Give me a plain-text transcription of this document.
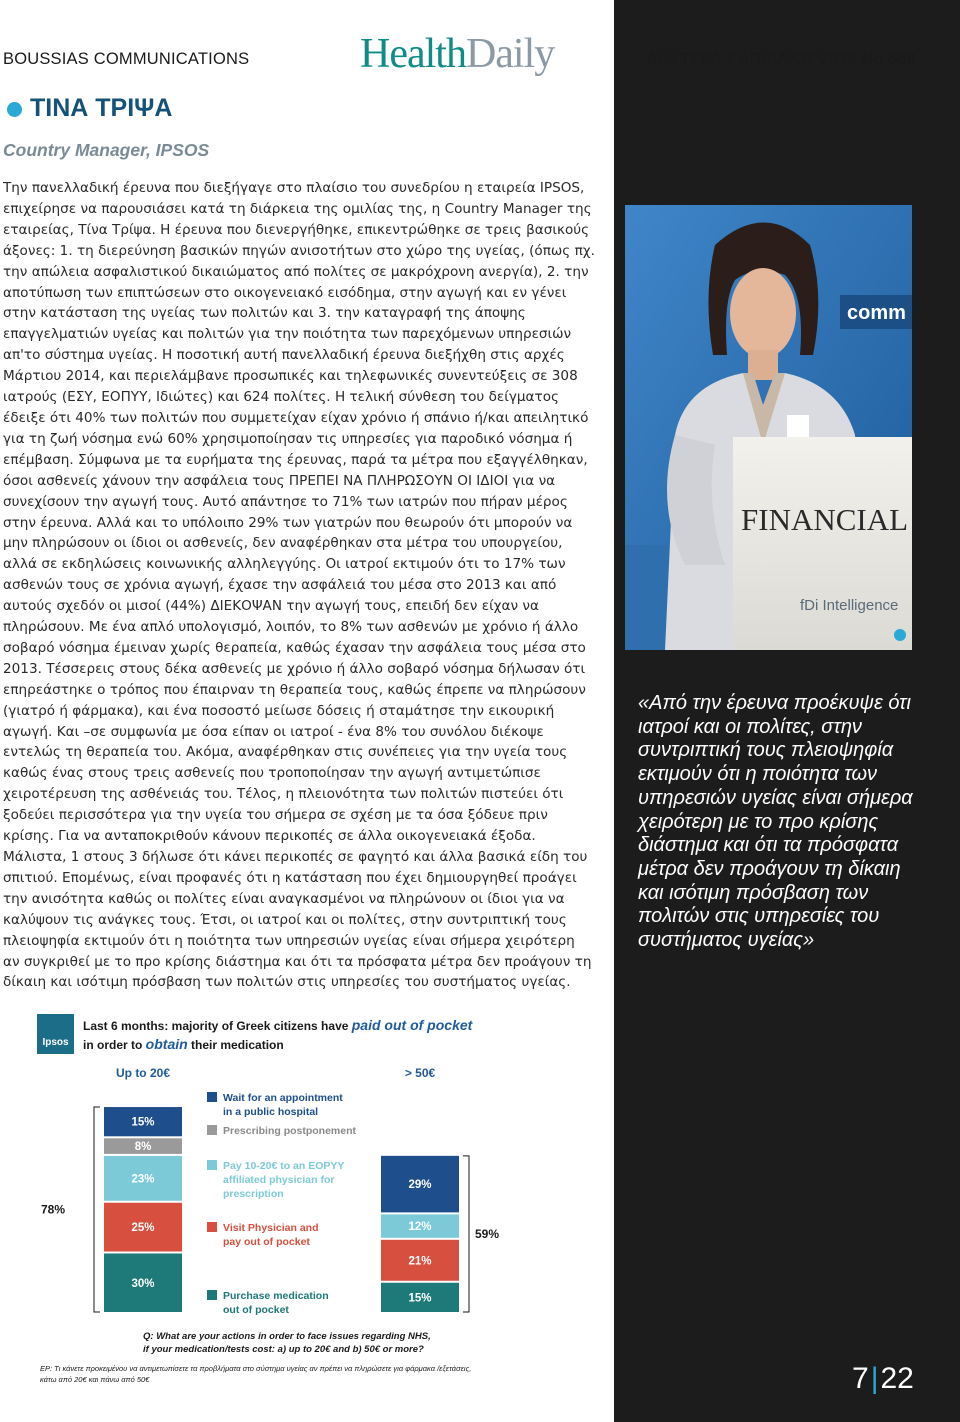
BOUSSIAS COMMUNICATIONS	HealthDaily	ΔΕΥΤΕΡΑ 7 ΑΠΡΙΛΙΟΥ 2014 Νο 589
ΤΙΝΑ ΤΡΙΨΑ
Country Manager, IPSOS
Την πανελλαδική έρευνα που διεξήγαγε στο πλαίσιο του συνεδρίου η εταιρεία IPSOS, επιχείρησε να παρουσιάσει κατά τη διάρκεια της ομιλίας της, η Country Manager της εταιρείας, Τίνα Τρίψα. Η έρευνα που διενεργήθηκε, επικεντρώθηκε σε τρεις βασικούς άξονες: 1. τη διερεύνηση βασικών πηγών ανισοτήτων στο χώρο της υγείας, (όπως πχ. την απώλεια ασφαλιστικού δικαιώματος από πολίτες σε μακρόχρονη ανεργία), 2. την αποτύπωση των επιπτώσεων στο οικογενειακό εισόδημα, στην αγωγή και εν γένει στην κατάσταση της υγείας των πολιτών και 3. την καταγραφή της άποψης επαγγελματιών υγείας και πολιτών για την ποιότητα των παρεχόμενων υπηρεσιών απ'το σύστημα υγείας. Η ποσοτική αυτή πανελλαδική έρευνα διεξήχθη στις αρχές Μάρτιου 2014, και περιελάμβανε προσωπικές και τηλεφωνικές συνεντεύξεις σε 308 ιατρούς (ΕΣΥ, ΕΟΠΥΥ, Ιδιώτες) και 624 πολίτες. Η τελική σύνθεση του δείγματος έδειξε ότι 40% των πολιτών που συμμετείχαν είχαν χρόνιο ή σπάνιο ή/και απειλητικό για τη ζωή νόσημα ενώ 60% χρησιμοποίησαν τις υπηρεσίες για παροδικό νόσημα ή επέμβαση. Σύμφωνα με τα ευρήματα της έρευνας, παρά τα μέτρα που εξαγγέλθηκαν, όσοι ασθενείς χάνουν την ασφάλεια τους ΠΡΕΠΕΙ ΝΑ ΠΛΗΡΩΣΟΥΝ ΟΙ ΙΔΙΟΙ για να συνεχίσουν την αγωγή τους. Αυτό απάντησε το 71% των ιατρών που πήραν μέρος στην έρευνα. Αλλά και το υπόλοιπο 29% των γιατρών που θεωρούν ότι μπορούν να μην πληρώσουν οι ίδιοι οι ασθενείς, δεν αναφέρθηκαν στα μέτρα του υπουργείου, αλλά σε εκδηλώσεις κοινωνικής αλληλεγγύης. Οι ιατροί εκτιμούν ότι το 17% των ασθενών τους σε χρόνια αγωγή, έχασε την ασφάλειά του μέσα στο 2013 και από αυτούς σχεδόν οι μισοί (44%) ΔΙΕΚΟΨΑΝ την αγωγή τους, επειδή δεν είχαν να πληρώσουν. Με ένα απλό υπολογισμό, λοιπόν, το 8% των ασθενών με χρόνιο ή άλλο σοβαρό νόσημα έμειναν χωρίς θεραπεία, καθώς έχασαν την ασφάλεια τους μέσα στο 2013. Τέσσερεις στους δέκα ασθενείς με χρόνιο ή άλλο σοβαρό νόσημα δήλωσαν ότι επηρεάστηκε ο τρόπος που έπαιρναν τη θεραπεία τους, καθώς έπρεπε να πληρώσουν (γιατρό ή φάρμακα), και ένα ποσοστό μείωσε δόσεις ή σταμάτησε την εικουρική αγωγή. Και –σε συμφωνία με όσα είπαν οι ιατροί - ένα 8% του συνόλου διέκοψε εντελώς τη θεραπεία του. Ακόμα, αναφέρθηκαν στις συνέπειες για την υγεία τους καθώς ένας στους τρεις ασθενείς που τροποποίησαν την αγωγή αντιμετώπισε χειροτέρευση της ασθένειάς του. Τέλος, η πλειονότητα των πολιτών πιστεύει ότι ξοδεύει περισσότερα για την υγεία του σήμερα σε σχέση με τα όσα ξόδευε πριν κρίσης. Για να ανταποκριθούν κάνουν περικοπές σε άλλα οικογενειακά έξοδα. Μάλιστα, 1 στους 3 δήλωσε ότι κάνει περικοπές σε φαγητό και άλλα βασικά είδη του σπιτιού. Επομένως, είναι προφανές ότι η κατάσταση που έχει δημιουργηθεί προάγει την ανισότητα καθώς οι πολίτες είναι αναγκασμένοι να πληρώνουν οι ίδιοι για να καλύψουν τις ανάγκες τους. Έτσι, οι ιατροί και οι πολίτες, στην συντριπτική τους πλειοψηφία εκτιμούν ότι η ποιότητα των υπηρεσιών υγείας είναι σήμερα χειρότερη αν συγκριθεί με το προ κρίσης διάστημα και ότι τα πρόσφατα μέτρα δεν προάγουν τη δίκαιη και ισότιμη πρόσβαση των πολιτών στις υπηρεσίες του συστήματος υγείας.
comm
FINANCIAL
fDi Intelligence
«Από την έρευνα προέκυψε ότι ιατροί και οι πολίτες, στην συντριπτική τους πλειοψηφία εκτιμούν ότι η ποιότητα των υπηρεσιών υγείας είναι σήμερα χειρότερη με το προ κρίσης διάστημα και ότι τα πρόσφατα μέτρα δεν προάγουν τη δίκαιη και ισότιμη πρόσβαση των πολιτών στις υπηρεσίες του συστήματος υγείας»
Ipsos
Last 6 months: majority of Greek citizens have paid out of pocket
in order to obtain their medication
Wait for an appointment
in a public hospital
Prescribing postponement
Pay 10-20€ to an EOPYY
affiliated physician for
prescription
Visit Physician and
pay out of pocket
Purchase medication
out of pocket
Up to 20€
15%
8%
23%
25%
30%
78%
> 50€
29%
12%
21%
15%
59%
Q: What are your actions in order to face issues regarding NHS,
if your medication/tests cost: a) up to 20€ and b) 50€ or more?
ΕΡ: Τι κάνετε προκειμένου να αντιμετωπίσετε τα προβλήματα στο σύστημα υγείας αν πρέπει να πληρώσετε για φάρμακα /εξετάσεις,
κάτω από 20€ και πάνω από 50€	7|22
